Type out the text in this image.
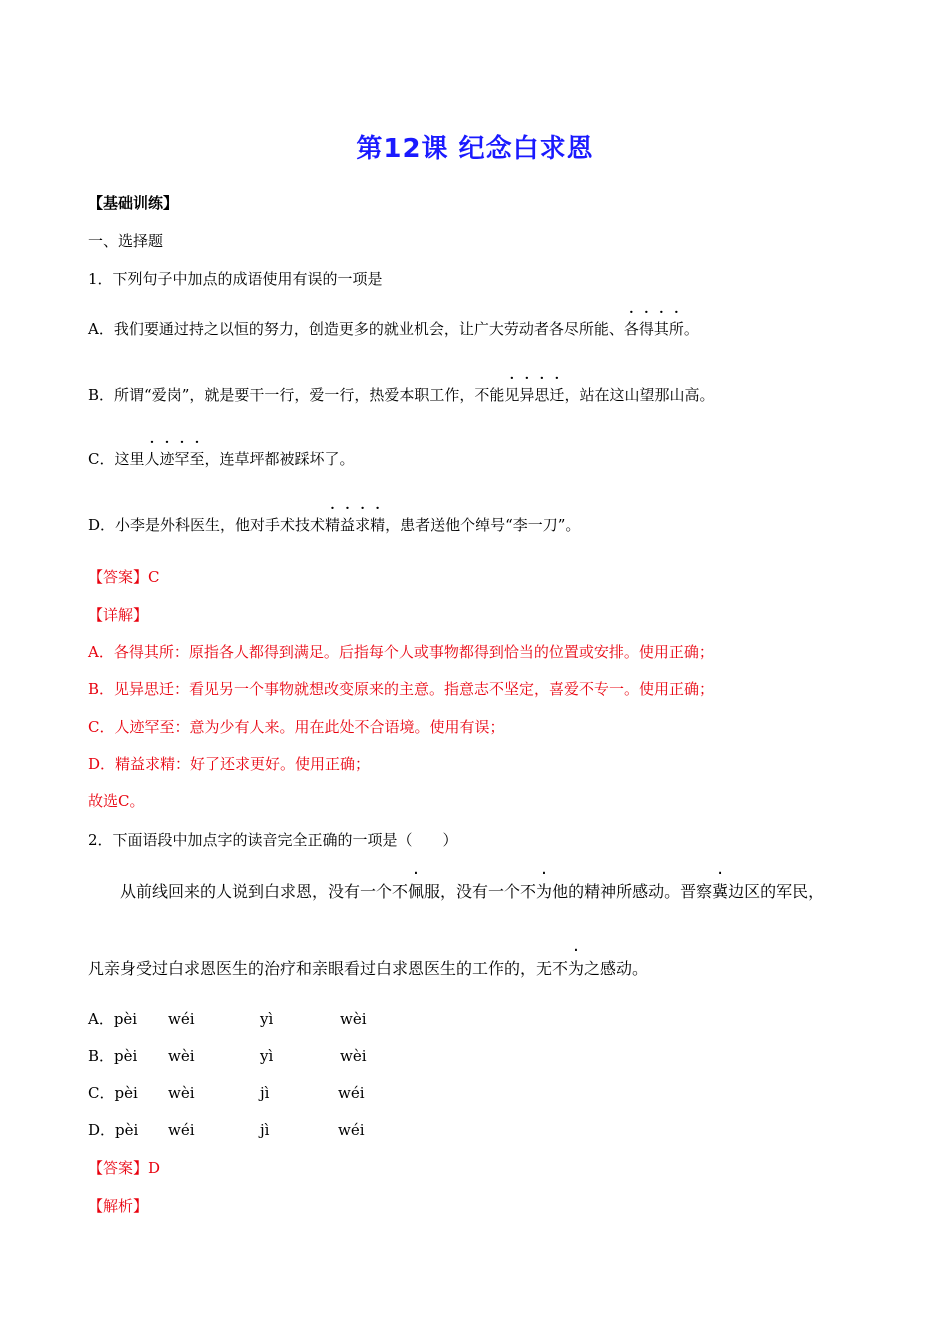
第12课 纪念白求恩
【基础训练】
一、选择题
1．下列句子中加点的成语使用有误的一项是
A．我们要通过持之以恒的努力，创造更多的就业机会，让广大劳动者各尽所能、各得其所。
B．所谓“爱岗”，就是要干一行，爱一行，热爱本职工作，不能见异思迁，站在这山望那山高。
C．这里人迹罕至，连草坪都被踩坏了。
D．小李是外科医生，他对手术技术精益求精，患者送他个绰号“李一刀”。
【答案】C
【详解】
A．各得其所：原指各人都得到满足。后指每个人或事物都得到恰当的位置或安排。使用正确；
B．见异思迁：看见另一个事物就想改变原来的主意。指意志不坚定，喜爱不专一。使用正确；
C．人迹罕至：意为少有人来。用在此处不合语境。使用有误；
D．精益求精：好了还求更好。使用正确；
故选C。
2．下面语段中加点字的读音完全正确的一项是（　　）
从前线回来的人说到白求恩，没有一个不佩服，没有一个不为他的精神所感动。晋察冀边区的军民，
凡亲身受过白求恩医生的治疗和亲眼看过白求恩医生的工作的，无不为之感动。
A．pèi wéi	yì	wèi
B．pèi wèi	yì	wèi
C．pèi wèi	jì	wéi
D．pèi wéi	jì	wéi
【答案】D
【解析】
